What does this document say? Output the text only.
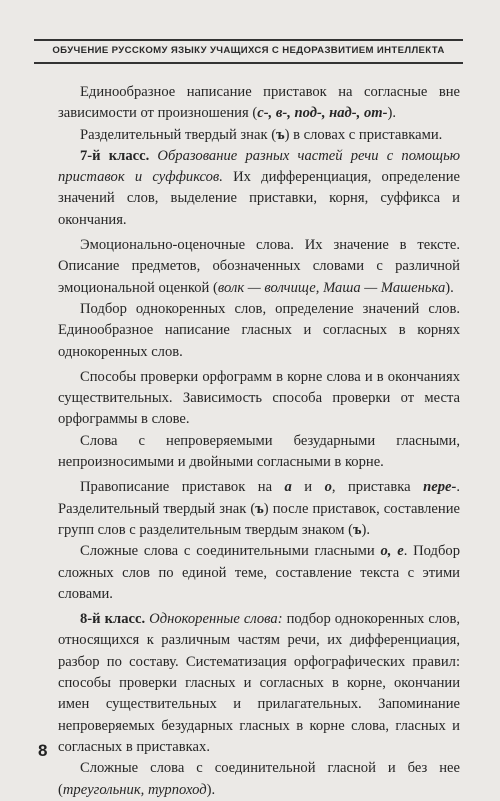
ОБУЧЕНИЕ РУССКОМУ ЯЗЫКУ УЧАЩИХСЯ С НЕДОРАЗВИТИЕМ ИНТЕЛЛЕКТА

Единообразное написание приставок на согласные вне зависимости от произношения (с-, в-, под-, над-, от-).

Разделительный твердый знак (ъ) в словах с приставками.

7-й класс. Образование разных частей речи с помощью приставок и суффиксов. Их дифференциация, определение значений слов, выделение приставки, корня, суффикса и окончания.

Эмоционально-оценочные слова. Их значение в тексте. Описание предметов, обозначенных словами с различной эмоциональной оценкой (волк — волчище, Маша — Машенька).

Подбор однокоренных слов, определение значений слов. Единообразное написание гласных и согласных в корнях однокоренных слов.

Способы проверки орфограмм в корне слова и в окончаниях существительных. Зависимость способа проверки от места орфограммы в слове.

Слова с непроверяемыми безударными гласными, непроизносимыми и двойными согласными в корне.

Правописание приставок на а и о, приставка пере-. Разделительный твердый знак (ъ) после приставок, составление групп слов с разделительным твердым знаком (ъ).

Сложные слова с соединительными гласными о, е. Подбор сложных слов по единой теме, составление текста с этими словами.

8-й класс. Однокоренные слова: подбор однокоренных слов, относящихся к различным частям речи, их дифференциация, разбор по составу. Систематизация орфографических правил: способы проверки гласных и согласных в корне, окончании имен существительных и прилагательных. Запоминание непроверяемых безударных гласных в корне слова, гласных и согласных в приставках.

Сложные слова с соединительной гласной и без нее (треугольник, турпоход).

8
